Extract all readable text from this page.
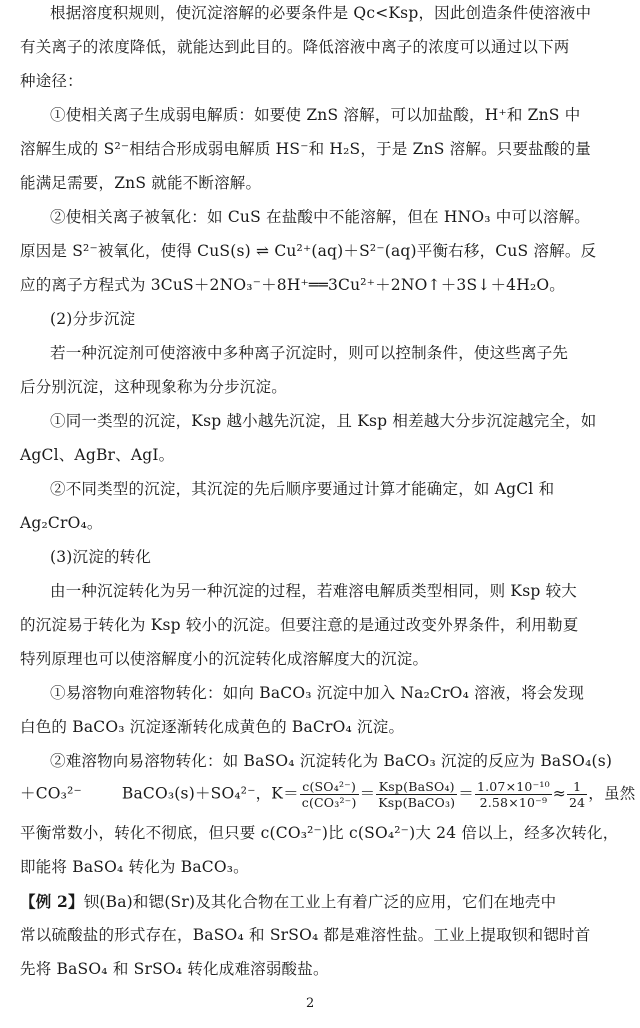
根据溶度积规则，使沉淀溶解的必要条件是 Qc<Ksp，因此创造条件使溶液中
有关离子的浓度降低，就能达到此目的。降低溶液中离子的浓度可以通过以下两
种途径：
①使相关离子生成弱电解质：如要使 ZnS 溶解，可以加盐酸，H⁺和 ZnS 中
溶解生成的 S²⁻相结合形成弱电解质 HS⁻和 H₂S，于是 ZnS 溶解。只要盐酸的量
能满足需要，ZnS 就能不断溶解。
②使相关离子被氧化：如 CuS 在盐酸中不能溶解，但在 HNO₃ 中可以溶解。
原因是 S²⁻被氧化，使得 CuS(s) ⇌ Cu²⁺(aq)＋S²⁻(aq)平衡右移，CuS 溶解。反
应的离子方程式为 3CuS＋2NO₃⁻＋8H⁺══3Cu²⁺＋2NO↑＋3S↓＋4H₂O。
(2)分步沉淀
若一种沉淀剂可使溶液中多种离子沉淀时，则可以控制条件，使这些离子先
后分别沉淀，这种现象称为分步沉淀。
①同一类型的沉淀，Ksp 越小越先沉淀，且 Ksp 相差越大分步沉淀越完全，如
AgCl、AgBr、AgI。
②不同类型的沉淀，其沉淀的先后顺序要通过计算才能确定，如 AgCl 和
Ag₂CrO₄。
(3)沉淀的转化
由一种沉淀转化为另一种沉淀的过程，若难溶电解质类型相同，则 Ksp 较大
的沉淀易于转化为 Ksp 较小的沉淀。但要注意的是通过改变外界条件，利用勒夏
特列原理也可以使溶解度小的沉淀转化成溶解度大的沉淀。
①易溶物向难溶物转化：如向 BaCO₃ 沉淀中加入 Na₂CrO₄ 溶液，将会发现
白色的 BaCO₃ 沉淀逐渐转化成黄色的 BaCrO₄ 沉淀。
②难溶物向易溶物转化：如 BaSO₄ 沉淀转化为 BaCO₃ 沉淀的反应为 BaSO₄(s)
＋CO₃²⁻	BaCO₃(s)＋SO₄²⁻，$K= \frac{\text{c(SO₄²⁻)}}{\text{c(CO₃²⁻)}} = \frac{\text{Ksp(BaSO₄)}}{\text{Ksp(BaCO₃)}} = \frac{\text{1.07×10⁻¹⁰}}{\text{2.58×10⁻⁹}} \approx \frac{1}{24}$ ，虽然
平衡常数小，转化不彻底，但只要 c(CO₃²⁻)比 c(SO₄²⁻)大 24 倍以上，经多次转化，
即能将 BaSO₄ 转化为 BaCO₃。
【例 2】钡(Ba)和锶(Sr)及其化合物在工业上有着广泛的应用，它们在地壳中
常以硫酸盐的形式存在，BaSO₄ 和 SrSO₄ 都是难溶性盐。工业上提取钡和锶时首
先将 BaSO₄ 和 SrSO₄ 转化成难溶弱酸盐。
2
